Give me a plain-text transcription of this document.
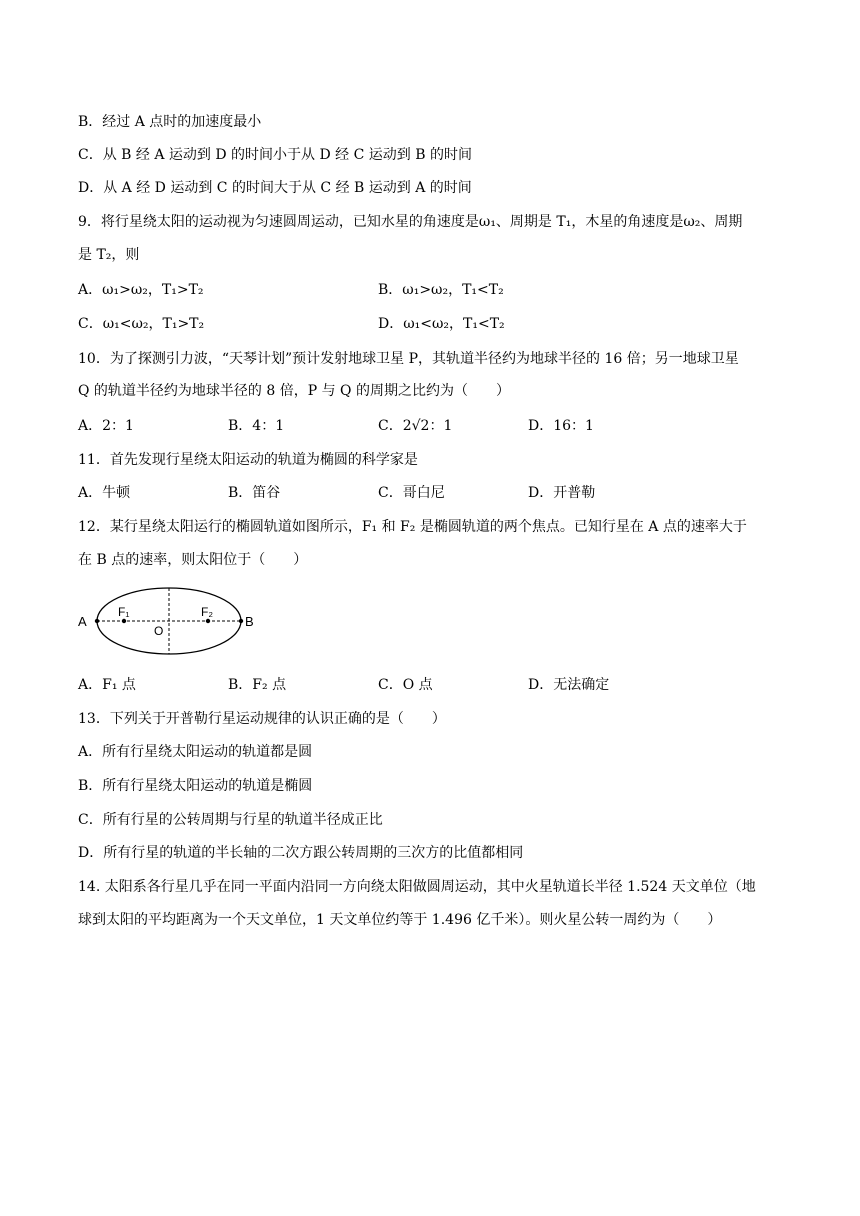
B．经过 A 点时的加速度最小
C．从 B 经 A 运动到 D 的时间小于从 D 经 C 运动到 B 的时间
D．从 A 经 D 运动到 C 的时间大于从 C 经 B 运动到 A 的时间
9．将行星绕太阳的运动视为匀速圆周运动，已知水星的角速度是ω₁、周期是 T₁，木星的角速度是ω₂、周期
是 T₂，则
A．ω₁>ω₂，T₁>T₂	B．ω₁>ω₂，T₁<T₂
C．ω₁<ω₂，T₁>T₂	D．ω₁<ω₂，T₁<T₂
10．为了探测引力波，“天琴计划”预计发射地球卫星 P，其轨道半径约为地球半径的 16 倍；另一地球卫星
Q 的轨道半径约为地球半径的 8 倍，P 与 Q 的周期之比约为（　　）
A．2：1	B．4：1	C．2√2：1	D．16：1
11．首先发现行星绕太阳运动的轨道为椭圆的科学家是
A．牛顿	B．笛谷	C．哥白尼	D．开普勒
12．某行星绕太阳运行的椭圆轨道如图所示，F₁ 和 F₂ 是椭圆轨道的两个焦点。已知行星在 A 点的速率大于
在 B 点的速率，则太阳位于（　　）
A
F₁
O
F₂
B
A．F₁ 点	B．F₂ 点	C．O 点	D．无法确定
13．下列关于开普勒行星运动规律的认识正确的是（　　）
A．所有行星绕太阳运动的轨道都是圆
B．所有行星绕太阳运动的轨道是椭圆
C．所有行星的公转周期与行星的轨道半径成正比
D．所有行星的轨道的半长轴的二次方跟公转周期的三次方的比值都相同
14. 太阳系各行星几乎在同一平面内沿同一方向绕太阳做圆周运动，其中火星轨道长半径 1.524 天文单位（地
球到太阳的平均距离为一个天文单位，1 天文单位约等于 1.496 亿千米）。则火星公转一周约为（　　）
